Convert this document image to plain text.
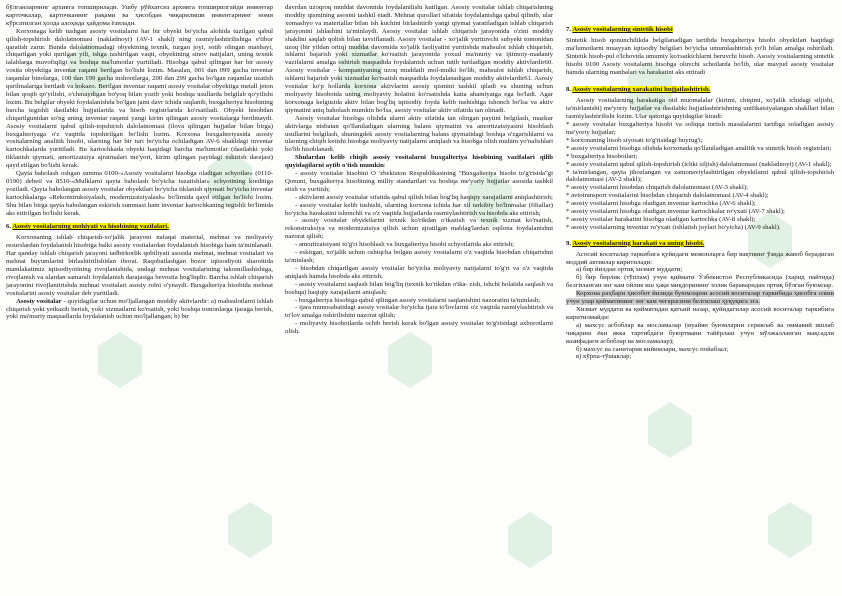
бўлганларнинг архивга топширилади. Ушбу рўйхатсиз архивга топширилгайди инвентар карточкалар, карточканинг рақами ва ҳисобдан чиқарилиши инвентарнинг номи кўрсатилган ҳолда алоҳида ҳайдома ёзилади.

Korxonaga kelib tushgan asosiy vositalarni har bir obyekt bo'yicha alohida tuzilgan qabul qilish-topshirish dalolatnomasi (nakladnoyi) (AV-1 shakl) ning rasmiylashtirilishiga e'tibor qaratish zarur. Bunda dalolatnomadagi obyektning texnik, turgan joyi, sotib olingan manbayi, chiqarilgan yoki qurilgan yili, ishga tushirilgan vaqti, obyektning sinov natijalari, uning texnik talablarga muvofiqligi va boshqa ma'lumotlar yuritiladi. Hisobga qabul qilingan har bir asosiy vosita obyektiga inventar raqami berilgan bo'lishi lozim. Masalan, 001 dan 099 gacha inventar raqamlar binolarga, 100 dan 199 gacha inshootlarga, 200 dan 299 gacha bo'lgan raqamlar uzatish qurilmalariga beriladi va hokazo. Berilgan inventar raqami asosiy vositalar obyektiga metall jeton bilan qoqib qo'yilishi, o'chmaydigan bo'yoq bilan yozib yoki boshqa usullarda belgilab qo'yilishi lozim. Bu belgilar obyekt foydalanishda bo'lgan jami davr ichida saqlanib, buxgalteriya hisobining barcha tegishli dastlabki hujjatlarida va hisob registrlarida ko'rsatiladi. Obyekt hisobdan chiqarilgunidan so'ng uning inventar raqami yangi kirim qilingan asosiy vositalarga berilmaydi. Asosiy vositalarni qabul qilish-topshirish dalolatnomasi (ilova qilingan hujjatlar bilan birga) buxgalteriyaga o'z vaqtida topshirilgan bo'lishi lozim. Korxona buxgalteriyasida asosiy vositalarning analitik hisobi, ularning har bir turi bo'yicha ochiladigan AV-6 shakldagi inventar kartochkalarda yuritiladi. Bu kartochkada obyekt haqidagi barcha ma'lumotlar (dastlabki yoki tiklanish qiymati, amortizatsiya ajratmalari me'yori, kirim qilingan paytdagi eskirish darajasi) qayd etilgan bo'lishi kerak.

Qayta baholash oshgan summa 0100-«Asosiy vositalarni hisobga oladigan schyotlar» (0110-0190) debeti va 8510-«Mulklarni qayta baholash bo'yicha tuzatishlar» schyotining kreditiga yoziladi. Qayta baholangan asosiy vositalar obyektlari bo'yicha tiklanish qiymati bo'yicha inventar kartochkalarga «Rekonstruksiyalash, modernizatsiyalash» bo'limida qayd etilgan bo'lishi lozim. Shu bilan birga qayta baholangan eskirish summasi ham inventar kartochkaning tegishli bo'limida aks ettirilgan bo'lishi kerak.

6. Asosiy vositalarning mohiyati va hisobining vazifalari.

Korxonaning ishlab chiqarish-xo'jalik jarayoni nafaqat material, mehnat va moliyaviy resurslardan foydalanish hisobiga balki asosiy vositalardan foydalanish hisobiga ham ta'minlanadi. Har qanday ishlab chiqarish jarayoni tadbirkorlik qobiliyati asosida mehnat, mehnat vositalari va mehnat buyumlarini birlashtirilishidan iborat. Raqobatlashgan bozor iqtisodiyoti sharoitida mamlakatimiz iqtisodiyotining rivojlanishida, undagi mehnat vositalarining takomillashishiga, rivojlanish va ulardan samarali foydalanish darajasiga bevosita bog'liqdir. Barcha ishlab chiqarish jarayonini rivojlantirishda mehnat vositalari asosiy rolni o'ynaydi. Buxgalteriya hisobida mehnat vositalarini asosiy vositalar deb yuritiladi.

Asosiy vositalar - quyidagilar uchun mo'ljallangan moddiy aktivlardir: a) mahsulotlarni ishlab chiqarish yoki yetkazib berish, yoki xizmatlarni ko'rsatish, yoki boshqa tomonlarga ijaraga berish, yoki ma'muriy maqsadlarda foydalanish uchun mo'ljallangan; b) bir

davrdan uzoqroq muddat davomida foydalanilishi kutilgan. Asosiy vositalar ishlab chiqarishning moddiy qismining asosini tashkil etadi. Mehnat qurollari sifatida foydalanishga qabul qilinib, ular xomashyo va materiallar bilan ish kuchini birlashtirib yangi qiymat yaratiladigan ishlab chiqarish jarayonini ishlashini ta'minlaydi. Asosiy vositalar ishlab chiqarish jarayonida o'zini moddiy shaklini saqlab qolish bilan tavsiflanadi. Asosiy vositalar - xo'jalik yurituvchi subyekt tomonidan uzoq (bir yildan ortiq) muddat davomida xo'jalik faoliyatini yuritishda mahsulot ishlab chiqarish, ishlarni bajarish yoki xizmatlar ko'rsatish jarayonida yoxud ma'muriy va ijtimoiy-madaniy vazifalarni amalga oshirish maqsadida foydalanish uchun tutib turiladigan moddiy aktivlardir60. Asosiy vositalar - kompaniyaning uzoq muddatli mol-mulki bo'lib, mahsulot ishlab chiqarish, ishlarni bajarish yoki xizmatlar ko'rsatish maqsadida foydalanadigan moddiy aktivlardir61. Asosiy vositalar ko'p hollarda korxona aktivlarini asosiy qismini tashkil qiladi va shuning uchun moliyaviy hisobotda uning moliyaviy holatini ko'rsatishda katta ahamiyatga ega bo'ladi. Agar korxonaga kelgusida aktiv bilan bog'liq iqtisodiy foyda kelib tushishiga ishonch bo'lsa va aktiv qiymatini aniq baholash mumkin bo'lsa, asosiy vositalar aktiv sifatida tan olinadi.

Asosiy vositalar hisobga olishda ularni aktiv sifatida tan olingan paytini belgilash, mazkur aktivlarga nisbatan qo'llaniladigan ularning balans qiymatini va amortizatsiyasini hisoblash usullarini belgilash, shuningdek asosiy vositalarning balans qiymatidagi boshqa o'zgarishlarni va ularning chiqib ketishi hisobga moliyaviy natijalarni aniqlash va hisobga olish muhim yo'nalishlari bo'lib hisoblanadi.

Shulardan kelib chiqib asosiy vositalarni buxgalteriya hisobining vazifalari qilib quyidagilarni aytib o'tish mumkin:

- asosiy vositalar hisobini O 'zbekiston Respublikasining "Buxgalteriya hisobi to'g'risida"gi Qonuni, buxgalteriya hisobining milliy standartlari va boshqa me'yoriy hujjatlar asosida tashkil etish va yuritish;

- aktivlarni asosiy vositalar sifatida qabul qilish bilan bog'liq haqiqiy xarajatlarni aniqlashtirish;

- asosiy vositalar kelib tushishi, ularning korxona ichida har xil tarkibiy bo'linmalar (filiallar) bo'yicha harakatini ishonchli va o'z vaqtida hujjatlarda rasmiylashtirish va hisobda aks ettirish;

- asosiy vositalar obyektlarini texnik ko'rikdan o'tkazish va texnik xizmat ko'rsatish, rekonstruksiya va modernizatsiya qilish uchun ajratilgan mablag'lardan oqilona foydalanishni nazorat qilish;

- amortizatsiyani to'g'ri hisoblash va buxgalteriya hisobi schyotlarida aks ettirish;

- eskirgan, xo'jalik uchun oshiqcha bolgan asosiy vositalarni o'z vaqtida hisobdan chiqarishni ta'minlash;

- hisobdan chiqarilgan asosiy vositalar bo'yicha moliyaviy natijalarni to'g'ri va o'z vaqtida aniqlash hamda hisobda aks ettirish;

- asosiy vositalarni saqlash bilan bog'liq (texnik ko'rikdan o'tka- zish, ishchi holatida saqlash va boshqa) haqiqiy xarajatlarni aniqlash;

- buxgalteriya hisobiga qabul qilingan asosiy vositalarni saqlanishini nazoratini ta'minlash;

- ijara munosabatidagi asosiy vositalar bo'yicha ijara to'lovlarini o'z vaqtida rasmiylashtirish va to'lov amalga oshirilishini nazorat qilish;

- moliyaviy hisobotlarda ochib berish kerak bo'lgan asosiy vositalar to'g'risidagi axborotlarni olish.

7. Asosiy vositalarning sintetik hisobi

Sintetik hisob qonunchilikda belgilanadigan tartibda buxgalteriya hisobi obyektlari haqidagi ma'lumotlarni muayyan iqtisodiy belgilari bo'yicha umumlashtirish yo'li bilan amalga oshiriladi. Sintetik hisob-pul o'lchovida umumiy ko'rsatkichlarni beruvchi hisob. Asosiy vositalarning sintetik hisobi 0100 Asosiy vositalarni hisobga oluvchi schotlarda bo'lib, ular mavjud asosiy vositalar hamda ularning manbalari va harakatini aks ettiradi

8. Asosiy vositalarning xarakatini hujjatlashtirish.

Asosiy vositalarning harakatiga oid muomalalar (kirimi, chiqimi, xo'jalik ichidagi siljishi, ta'mirlanishi) me'yoriy hujjatlar va dastlabki hujjatlashtirishning unifikatsiyalangan shakllari bilan rasmiylashtirilishi lozim. Ular qatoriga quyidagilar kiradi:

* asosiy vositalar buxgalteriya hisobi va soliqqa tortish masalalarini tartibga soladigan asosiy me'yoriy hujjatlar;

* korxonaning hisob siyosati to'g'risidagi buyrug'i;

* asosiy vositalarni hisobga olishda korxonada qo'llaniladigan analitik va sintetik hisob registrlari;

* buxgalteriya hisobotlari;

* asosiy vositalarni qabul qilish-topshirish (ichki siljish) dalolatnomasi (nakladnoyi) (AV-1 shakl);

* ta'mirlangan, qayta jihozlangan va zamonaviylashtirilgan obyektlarni qabul qilish-topshirish dalolatnomasi (AV-2 shakl);

* asosiy vositalarni hisobdan chiqarish dalolatnomasi (AV-3 shakl);

* avtotransport vositalarini hisobdan chiqarish dalolatnomasi (AV-4 shakl);

* asosiy vositalarni hisobga oladigan inventar kartochka (AV-6 shakl);

* asosiy vositalarni hisobga oladigan inventar kartochkalar ro'yxati (AV-7 shakl);

* asosiy vositalar harakatini hisobga oladigan kartochka (AV-8 shakl);

* asosiy vositalarning inventar ro'yxati (ishlatish joylari bo'yicha) (AV-9 shakl).

9. Asosiy vositalarning harakati va uning hisobi.

Асосий воситалар таркибига қуйидаги межонларга бир вақтнинг ўзида жавоб берадиган моддий активлар киритилади:

а) бир йилдан ортиқ хизмат муддати;

б) бир бирлик (тўплам) учун қиймати Ўзбекистон Республикасида (харид пайтида) белгиланган энг кам ойлик иш ҳақи миқдорининг эллик бараваридан ортиқ бўлган буюмлар.

Корхона раҳбари ҳисобот йилида буюмларни асосий воситалар таркибида ҳисобга олиш учун улар қийматининг энг кам чегарасини белгилаш ҳуқуқига эга.

Хизмат муддати ва қийматидан қатъий назар, қуйидагилар асосий воситалар таркибига киритилмайди:

а) махсус асбоблар ва мосламалар (муайян буюмларни сериялаб ва оммавий ишлаб чиқариш ёки якка тартибдаги буюртмани тайёрлаш учун мўлжалланган мақсадли вазифадаги асбоблар ва мосламалар);

б) махсус ва санитария кийимлари, махсус пойабзал;

в) кўрпа-тўшаклар;
